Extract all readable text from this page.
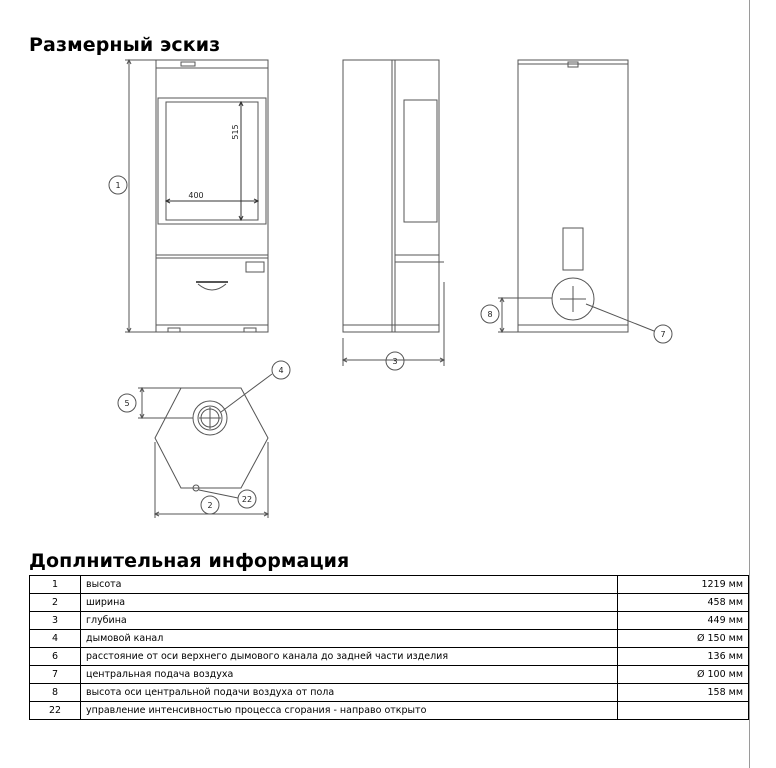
Размерный эскиз
1
3
8
7
4
5
2
22
400
515
Доплнительная информация
1	высота	1219 мм
2	ширина	458 мм
3	глубина	449 мм
4	дымовой канал	Ø 150 мм
6	расстояние от оси верхнего дымового канала до задней части изделия	136 мм
7	центральная подача воздуха	Ø 100 мм
8	высота оси центральной подачи воздуха от пола	158 мм
22	управление интенсивностью процесса сгорания - направо открыто	
